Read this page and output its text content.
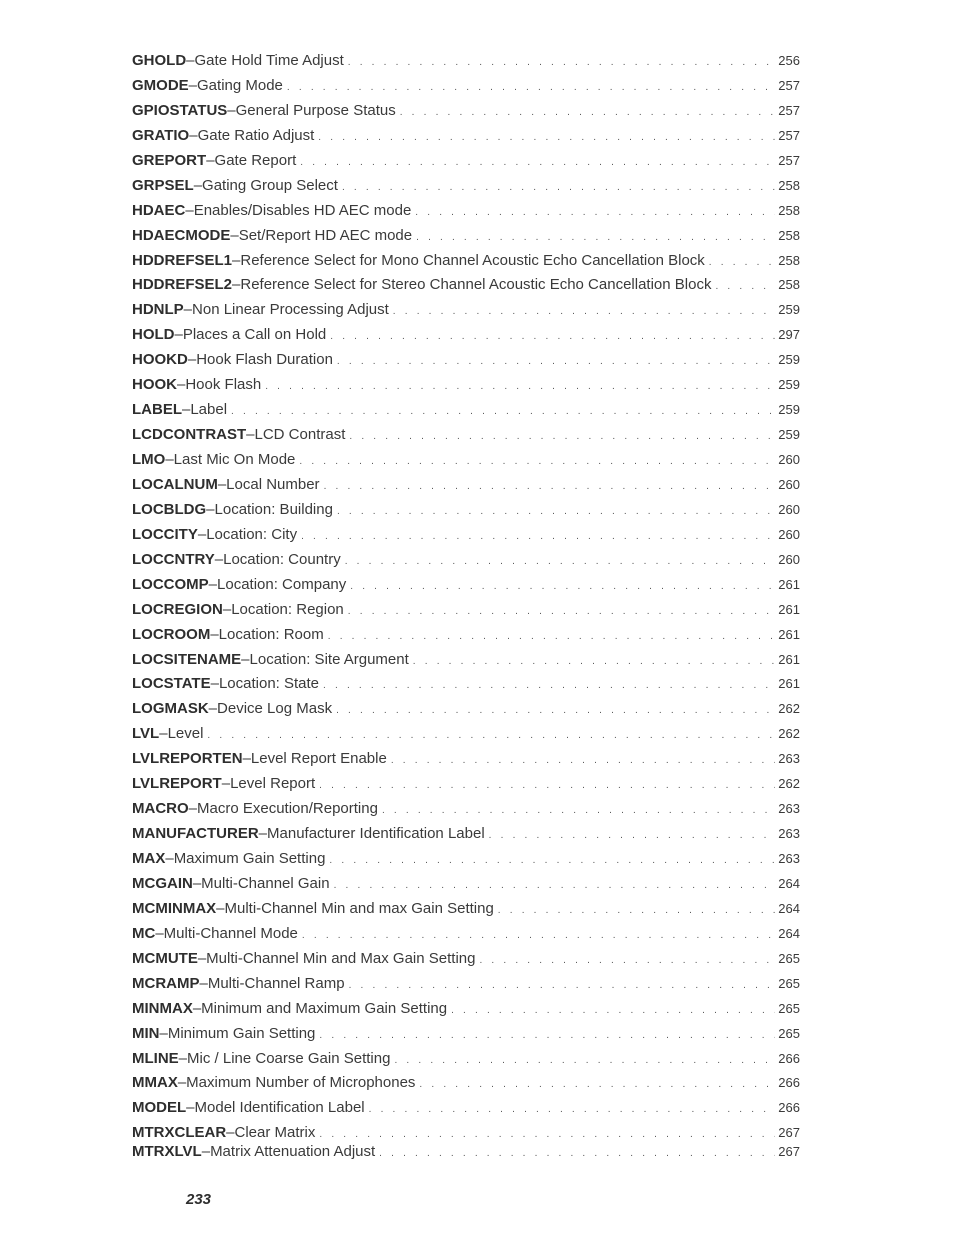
GHOLD – Gate Hold Time Adjust . . .	256
GMODE – Gating Mode . . .	257
GPIOSTATUS – General Purpose Status . . .	257
GRATIO – Gate Ratio Adjust . . .	257
GREPORT – Gate Report . . .	257
GRPSEL – Gating Group Select . . .	258
HDAEC – Enables/Disables HD AEC mode . . .	258
HDAECMODE – Set/Report HD AEC mode . . .	258
HDDREFSEL1 – Reference Select for Mono Channel Acoustic Echo Cancellation Block . . .	258
HDDREFSEL2 – Reference Select for Stereo Channel Acoustic Echo Cancellation Block . . .	258
HDNLP – Non Linear Processing Adjust . . .	259
HOLD – Places a Call on Hold . . .	297
HOOKD – Hook Flash Duration . . .	259
HOOK – Hook Flash . . .	259
LABEL – Label . . .	259
LCDCONTRAST – LCD Contrast . . .	259
LMO – Last Mic On Mode . . .	260
LOCALNUM – Local Number . . .	260
LOCBLDG – Location: Building . . .	260
LOCCITY – Location: City . . .	260
LOCCNTRY – Location: Country . . .	260
LOCCOMP – Location: Company . . .	261
LOCREGION – Location: Region . . .	261
LOCROOM – Location: Room . . .	261
LOCSITENAME – Location: Site Argument . . .	261
LOCSTATE – Location: State . . .	261
LOGMASK – Device Log Mask . . .	262
LVL – Level . . .	262
LVLREPORTEN – Level Report Enable . . .	263
LVLREPORT – Level Report . . .	262
MACRO – Macro Execution/Reporting . . .	263
MANUFACTURER – Manufacturer Identification Label . . .	263
MAX – Maximum Gain Setting . . .	263
MCGAIN – Multi-Channel Gain . . .	264
MCMINMAX – Multi-Channel Min and max Gain Setting . . .	264
MC – Multi-Channel Mode . . .	264
MCMUTE – Multi-Channel Min and Max Gain Setting . . .	265
MCRAMP – Multi-Channel Ramp . . .	265
MINMAX – Minimum and Maximum Gain Setting . . .	265
MIN – Minimum Gain Setting . . .	265
MLINE – Mic / Line Coarse Gain Setting . . .	266
MMAX – Maximum Number of Microphones . . .	266
MODEL – Model Identification Label . . .	266
MTRXCLEAR – Clear Matrix . . .	267
MTRXLVL – Matrix Attenuation Adjust . . .	267
233
